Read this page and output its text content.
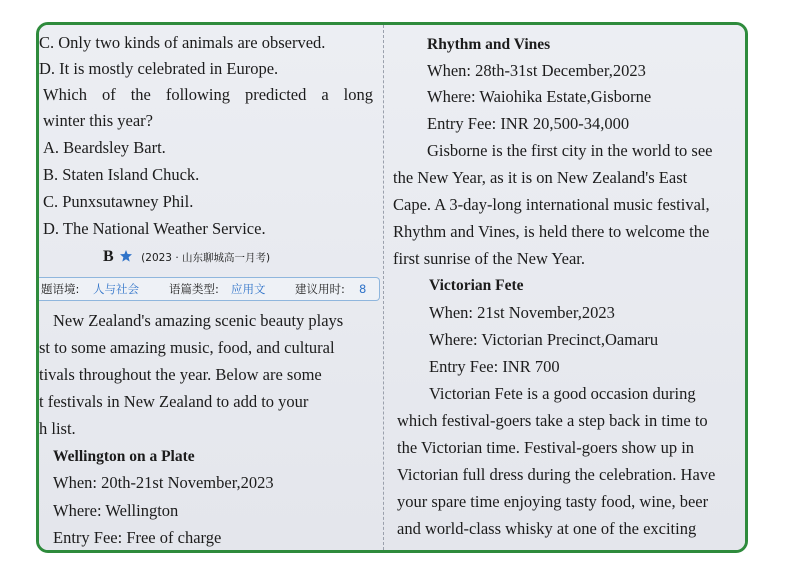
C. Only two kinds of animals are observed.
D. It is mostly celebrated in Europe.
Which of the following predicted a long
winter this year?
A. Beardsley Bart.
B. Staten Island Chuck.
C. Punxsutawney Phil.
D. The National Weather Service.
B	(2023 · 山东聊城高一月考)
题语境: 人与社会	语篇类型: 应用文	建议用时: 8
New Zealand's amazing scenic beauty plays
st to some amazing music, food, and cultural
tivals throughout the year. Below are some
t festivals in New Zealand to add to your
h list.
Wellington on a Plate
When: 20th-21st November,2023
Where: Wellington
Entry Fee: Free of charge
Rhythm and Vines
When: 28th-31st December,2023
Where: Waiohika Estate,Gisborne
Entry Fee: INR 20,500-34,000
Gisborne is the first city in the world to see
the New Year, as it is on New Zealand's East
Cape. A 3-day-long international music festival,
Rhythm and Vines, is held there to welcome the
first sunrise of the New Year.
Victorian Fete
When: 21st November,2023
Where: Victorian Precinct,Oamaru
Entry Fee: INR 700
Victorian Fete is a good occasion during
which festival-goers take a step back in time to
the Victorian time. Festival-goers show up in
Victorian full dress during the celebration. Have
your spare time enjoying tasty food, wine, beer
and world-class whisky at one of the exciting
